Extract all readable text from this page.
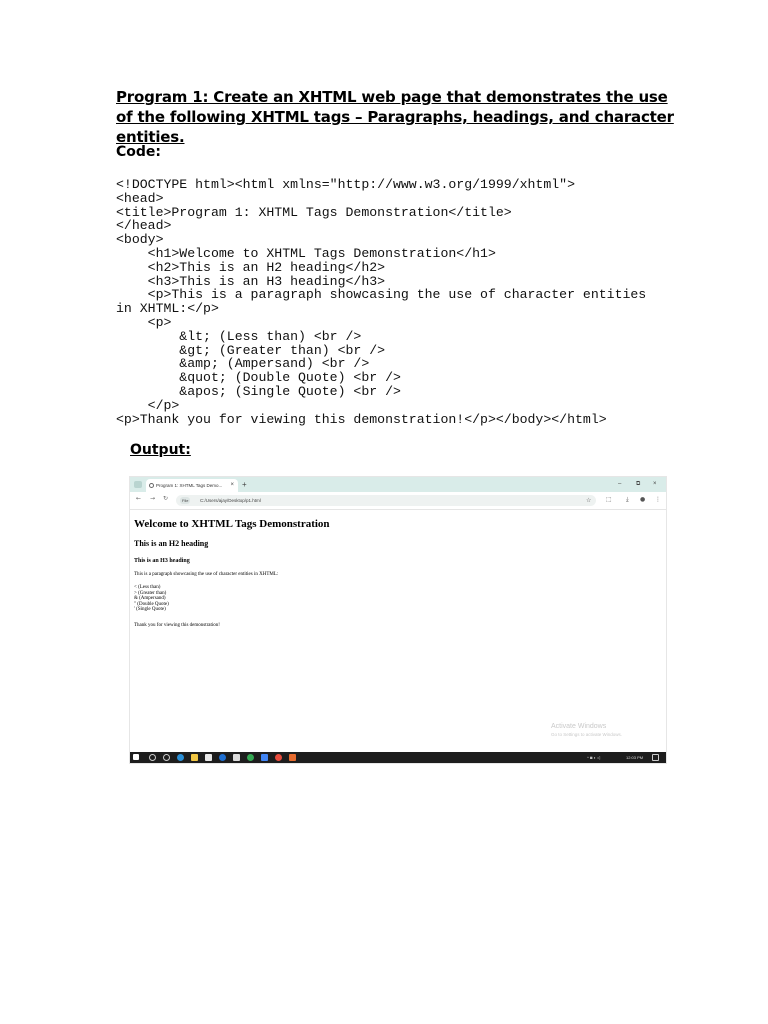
Program 1: Create an XHTML web page that demonstrates the use of the following XHTML tags – Paragraphs, headings, and character entities.
Code:
<!DOCTYPE html><html xmlns="http://www.w3.org/1999/xhtml">
<head>
<title>Program 1: XHTML Tags Demonstration</title>
</head>
<body>
<h1>Welcome to XHTML Tags Demonstration</h1>
<h2>This is an H2 heading</h2>
<h3>This is an H3 heading</h3>
<p>This is a paragraph showcasing the use of character entities
in XHTML:</p>
<p>
&lt; (Less than) <br />
&gt; (Greater than) <br />
&amp; (Ampersand) <br />
&quot; (Double Quote) <br />
&apos; (Single Quote) <br />
</p>
<p>Thank you for viewing this demonstration!</p></body></html>
Output:
Program 1: XHTML Tags Demo... × +	– ⧉ ×
← → ↻	File	C:/Users/ajay/Desktop/p1.html	☆ ⬚ ⤓ ● ⋮
Welcome to XHTML Tags Demonstration
This is an H2 heading
This is an H3 heading
This is a paragraph showcasing the use of character entities in XHTML:
< (Less than)
> (Greater than)
& (Ampersand)
" (Double Quote)
' (Single Quote)
Thank you for viewing this demonstration!
Activate Windows
Go to Settings to activate Windows.
^ ◙ ◖ ◁	12:03 PM
